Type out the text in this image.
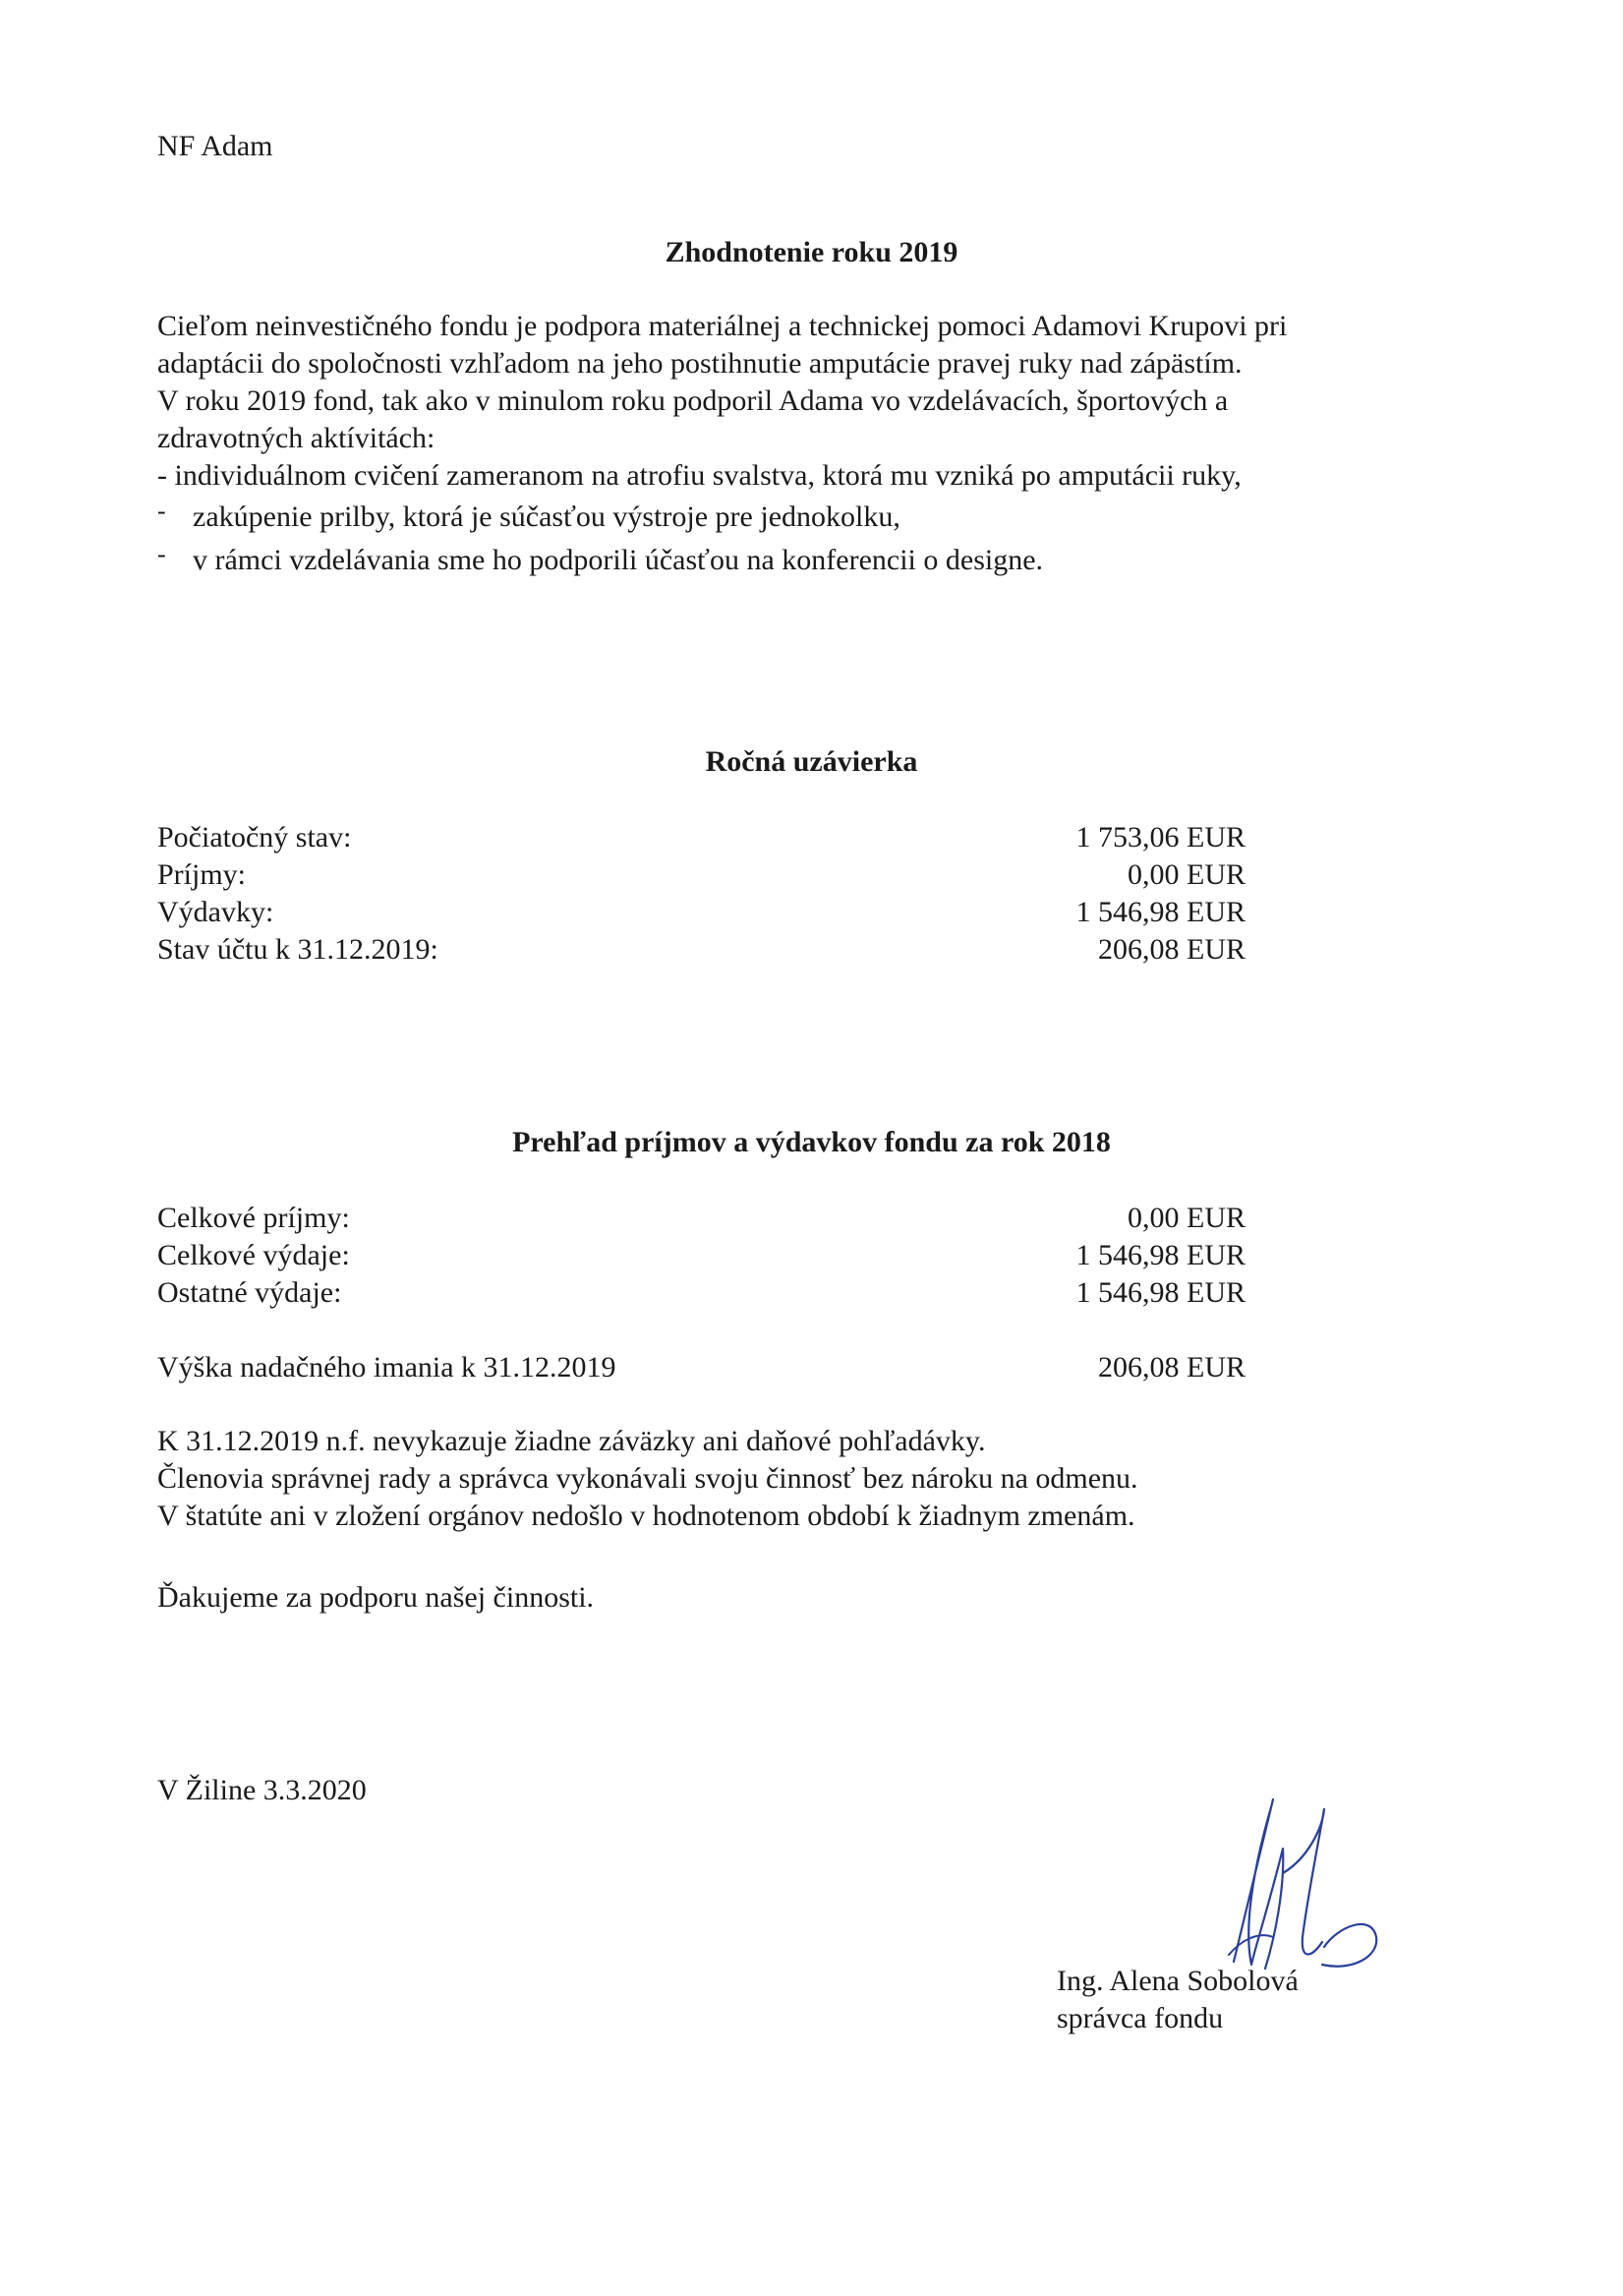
NF Adam
Zhodnotenie roku 2019
Cieľom neinvestičného fondu je podpora materiálnej a technickej pomoci Adamovi Krupovi pri
adaptácii do spoločnosti vzhľadom na jeho postihnutie amputácie pravej ruky nad zápästím.
V roku 2019 fond, tak ako v minulom roku podporil Adama vo vzdelávacích, športových a
zdravotných aktívitách:
- individuálnom cvičení zameranom na atrofiu svalstva, ktorá mu vzniká po amputácii ruky,
- zakúpenie prilby, ktorá je súčasťou výstroje pre jednokolku,
- v rámci vzdelávania sme ho podporili účasťou na konferencii o designe.
Ročná uzávierka
Počiatočný stav:	1 753,06 EUR
Príjmy:	0,00 EUR
Výdavky:	1 546,98 EUR
Stav účtu k 31.12.2019:	206,08 EUR
Prehľad príjmov a výdavkov fondu za rok 2018
Celkové príjmy:	0,00 EUR
Celkové výdaje:	1 546,98 EUR
Ostatné výdaje:	1 546,98 EUR
Výška nadačného imania k 31.12.2019	206,08 EUR
K 31.12.2019 n.f. nevykazuje žiadne záväzky ani daňové pohľadávky.
Členovia správnej rady a správca vykonávali svoju činnosť bez nároku na odmenu.
V štatúte ani v zložení orgánov nedošlo v hodnotenom období k žiadnym zmenám.
Ďakujeme za podporu našej činnosti.
V Žiline 3.3.2020
Ing. Alena Sobolová
správca fondu
